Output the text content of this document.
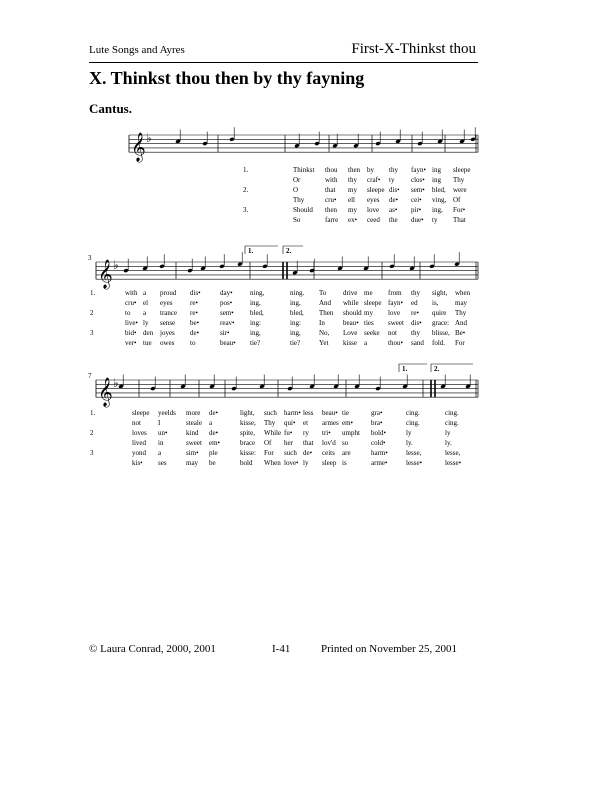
Lute Songs and Ayres	First-X-Thinkst thou
X. Thinkst thou then by thy fayning
Cantus.
𝄞 ♭
𝄞 ♭
3
1.	2.
𝄞 ♭
7
1.	2.
1.	Thinkst thou then by thy fayn• ing sleepe
Or	with thy craf• ty clos• ing Thy
2.	O	that my sleepe dis• sem• bled, were
Thy	cru• ell eyes de• cei• ving, Of
3.	Should then my love as• pir• ing, For•
So	farre ex• ceed the due• ty That
1.	with a proud dis•	day• ning,	ning. To drive me from thy sight, when
cru• el eyes	re•	pos•	ing,	ing,	And while sleepe fayn• ed is, may
2	to a trance re•	sem• bled,	bled, Then should my love re• quire Thy
live• ly sense be•	reav• ing:	ing:	In	beau• ties sweet dis• grace: And
3	bid• den joyes de•	sir•	ing,	ing,	No, Love seeke not thy blisse, Be•
ver• tue owes to	beau• tie?	tie?	Yet kisse a	thou• sand fold. For
1.	sleepe yeelds more de•	light, such harm• less beau• tie	gra•	cing.	cing.
not I	steale a	kisse, Thy qui• et armes em•	bra•	cing.	cing.
2	loves un•	kind de•	spite, While fu• ry tri• umpht bold•	ly	ly
lived in	sweet em•	brace Of her that lov'd so	cold•	ly.	ly.
3	yond a	sim• ple	kisse: For such de• ceits are	harm•	lesse,	lesse,
kis• ses	may be	bold When love• ly sleep is	arme•	lesse•	lesse•
© Laura Conrad, 2000, 2001	I-41	Printed on November 25, 2001
